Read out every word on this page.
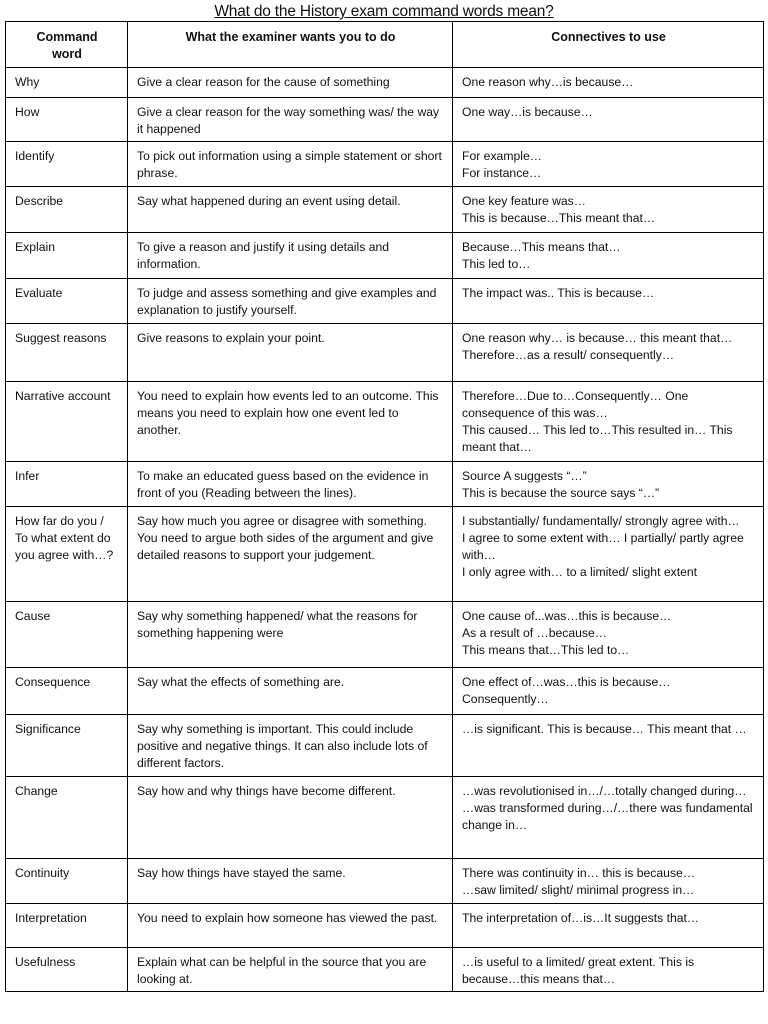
What do the History exam command words mean?
Command
word	What the examiner wants you to do	Connectives to use

Why	Give a clear reason for the cause of something	One reason why…is because…

How	Give a clear reason for the way something was/ the way it happened	One way…is because…

Identify	To pick out information using a simple statement or short phrase.	For example…
For instance…

Describe	Say what happened during an event using detail.	One key feature was…
This is because…This meant that…

Explain	To give a reason and justify it using details and information.	Because…This means that…
This led to…

Evaluate	To judge and assess something and give examples and explanation to justify yourself.	The impact was.. This is because…

Suggest reasons	Give reasons to explain your point.	One reason why… is because… this meant that…
Therefore…as a result/ consequently…

Narrative account	You need to explain how events led to an outcome. This means you need to explain how one event led to another.	Therefore…Due to…Consequently… One consequence of this was…
This caused… This led to…This resulted in… This meant that…

Infer	To make an educated guess based on the evidence in front of you (Reading between the lines).	Source A suggests “…”
This is because the source says “…”

How far do you / To what extent do you agree with…?	Say how much you agree or disagree with something. You need to argue both sides of the argument and give detailed reasons to support your judgement.	I substantially/ fundamentally/ strongly agree with…
I agree to some extent with… I partially/ partly agree with…
I only agree with… to a limited/ slight extent

Cause	Say why something happened/ what the reasons for something happening were	One cause of...was…this is because…
As a result of …because…
This means that…This led to…

Consequence	Say what the effects of something are.	One effect of…was…this is because…
Consequently…

Significance	Say why something is important. This could include positive and negative things. It can also include lots of different factors.	…is significant. This is because… This meant that …

Change	Say how and why things have become different.	…was revolutionised in…/…totally changed during…
…was transformed during…/…there was fundamental change in…

Continuity	Say how things have stayed the same.	There was continuity in… this is because…
…saw limited/ slight/ minimal progress in…

Interpretation	You need to explain how someone has viewed the past.	The interpretation of…is…It suggests that…

Usefulness	Explain what can be helpful in the source that you are looking at.	…is useful to a limited/ great extent. This is because…this means that…
